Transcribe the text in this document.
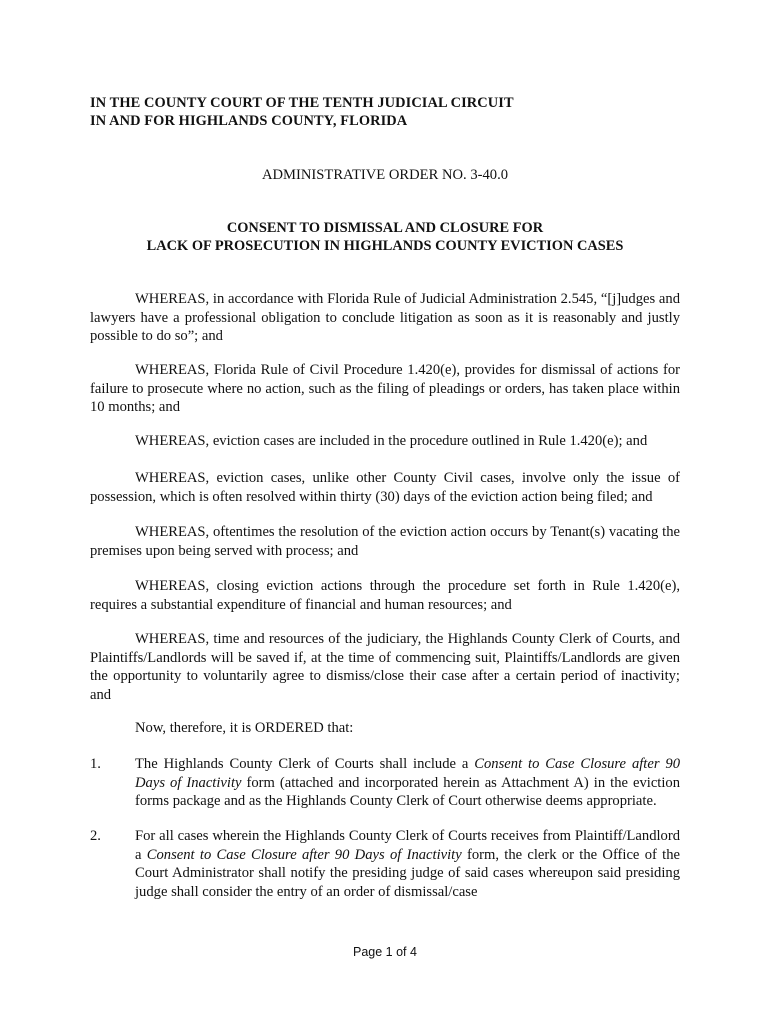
IN THE COUNTY COURT OF THE TENTH JUDICIAL CIRCUIT
IN AND FOR HIGHLANDS COUNTY, FLORIDA
ADMINISTRATIVE ORDER NO. 3-40.0
CONSENT TO DISMISSAL AND CLOSURE FOR
LACK OF PROSECUTION IN HIGHLANDS COUNTY EVICTION CASES
WHEREAS, in accordance with Florida Rule of Judicial Administration 2.545, “[j]udges and lawyers have a professional obligation to conclude litigation as soon as it is reasonably and justly possible to do so”; and
WHEREAS, Florida Rule of Civil Procedure 1.420(e), provides for dismissal of actions for failure to prosecute where no action, such as the filing of pleadings or orders, has taken place within 10 months; and
WHEREAS, eviction cases are included in the procedure outlined in Rule 1.420(e); and
WHEREAS, eviction cases, unlike other County Civil cases, involve only the issue of possession, which is often resolved within thirty (30) days of the eviction action being filed; and
WHEREAS, oftentimes the resolution of the eviction action occurs by Tenant(s) vacating the premises upon being served with process; and
WHEREAS, closing eviction actions through the procedure set forth in Rule 1.420(e), requires a substantial expenditure of financial and human resources; and
WHEREAS, time and resources of the judiciary, the Highlands County Clerk of Courts, and Plaintiffs/Landlords will be saved if, at the time of commencing suit, Plaintiffs/Landlords are given the opportunity to voluntarily agree to dismiss/close their case after a certain period of inactivity; and
Now, therefore, it is ORDERED that:
1. The Highlands County Clerk of Courts shall include a Consent to Case Closure after 90 Days of Inactivity form (attached and incorporated herein as Attachment A) in the eviction forms package and as the Highlands County Clerk of Court otherwise deems appropriate.
2. For all cases wherein the Highlands County Clerk of Courts receives from Plaintiff/Landlord a Consent to Case Closure after 90 Days of Inactivity form, the clerk or the Office of the Court Administrator shall notify the presiding judge of said cases whereupon said presiding judge shall consider the entry of an order of dismissal/case
Page 1 of 4
